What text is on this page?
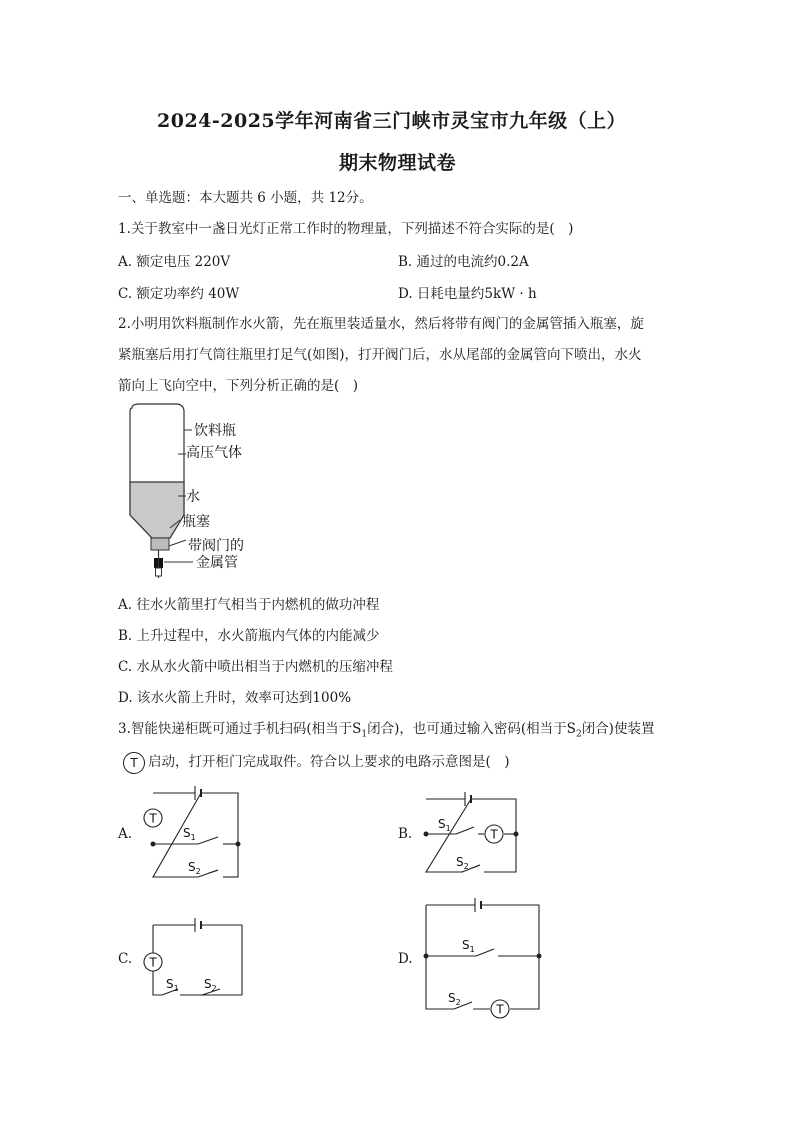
2024-2025学年河南省三门峡市灵宝市九年级（上）
期末物理试卷
一、单选题：本大题共 6 小题，共 12分。
1.关于教室中一盏日光灯正常工作时的物理量，下列描述不符合实际的是(　)
A. 额定电压 220V	B. 通过的电流约0.2A
C. 额定功率约 40W	D. 日耗电量约5kW · h
2.小明用饮料瓶制作水火箭，先在瓶里装适量水，然后将带有阀门的金属管插入瓶塞，旋
紧瓶塞后用打气筒往瓶里打足气(如图)，打开阀门后，水从尾部的金属管向下喷出，水火
箭向上飞向空中，下列分析正确的是(　)
饮料瓶
高压气体
水
瓶塞
带阀门的
金属管
A. 往水火箭里打气相当于内燃机的做功冲程
B. 上升过程中，水火箭瓶内气体的内能减少
C. 水从水火箭中喷出相当于内燃机的压缩冲程
D. 该水火箭上升时，效率可达到100%
3.智能快递柜既可通过手机扫码(相当于$S_1$闭合)，也可通过输入密码(相当于$S_2$闭合)使装置
T 启动，打开柜门完成取件。符合以上要求的电路示意图是(　)
A.
T
$S_1$
$S_2$
B.	T
$S_1$
$S_2$
C. T
$S_1$ $S_2$
D.
T
$S_1$
$S_2$
